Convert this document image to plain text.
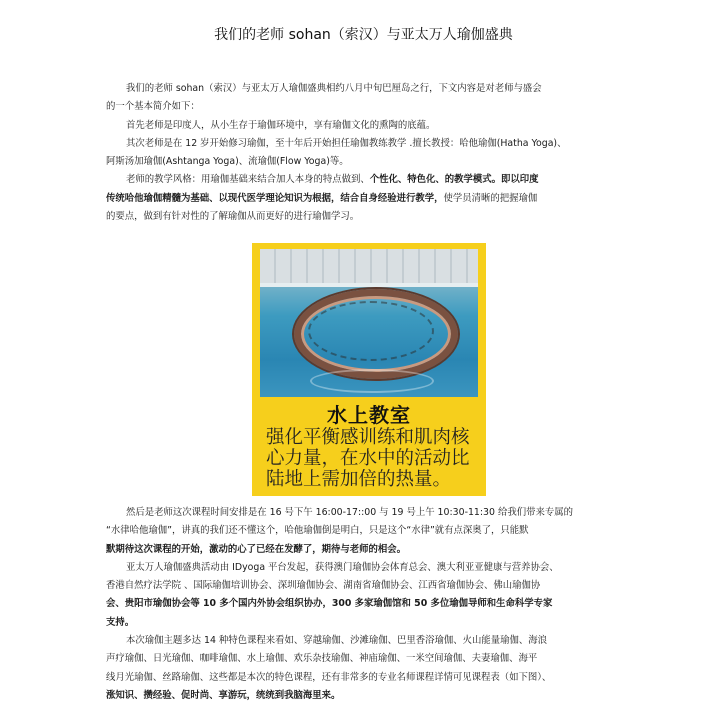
我们的老师 sohan（索汉）与亚太万人瑜伽盛典
我们的老师 sohan（索汉）与亚太万人瑜伽盛典相约八月中旬巴厘岛之行，下文内容是对老师与盛会
的一个基本简介如下：
首先老师是印度人，从小生存于瑜伽环境中，享有瑜伽文化的熏陶的底蕴。
其次老师是在 12 岁开始修习瑜伽，至十年后开始担任瑜伽教练教学 .擅长教授：哈他瑜伽(Hatha Yoga)、
阿斯汤加瑜伽(Ashtanga Yoga)、流瑜伽(Flow Yoga)等。
老师的教学风格：用瑜伽基础来结合加人本身的特点做到、个性化、特色化、的教学模式。即以印度
传统哈他瑜伽精髓为基础、以现代医学理论知识为根据，结合自身经验进行教学，使学员清晰的把握瑜伽
的要点，做到有针对性的了解瑜伽从而更好的进行瑜伽学习。
水上教室
强化平衡感训练和肌肉核
心力量，在水中的活动比
陆地上需加倍的热量。
然后是老师这次课程时间安排是在 16 号下午 16:00-17::00 与 19 号上午 10:30-11:30 给我们带来专属的
“水律哈他瑜伽”，讲真的我们还不懂这个，哈他瑜伽倒是明白，只是这个“水律”就有点深奥了，只能默
默期待这次课程的开始，激动的心了已经在发酵了，期待与老师的相会。
亚太万人瑜伽盛典活动由 IDyoga 平台发起，获得澳门瑜伽协会体育总会、澳大利亚亚健康与营养协会、
香港自然疗法学院 、国际瑜伽培训协会、深圳瑜伽协会、湖南省瑜伽协会、江西省瑜伽协会、佛山瑜伽协
会、贵阳市瑜伽协会等 10 多个国内外协会组织协办，300 多家瑜伽馆和 50 多位瑜伽导师和生命科学专家
支持。
本次瑜伽主题多达 14 种特色课程来看如、穿越瑜伽、沙滩瑜伽、巴里香浴瑜伽、火山能量瑜伽、海浪
声疗瑜伽、日光瑜伽、咖啡瑜伽、水上瑜伽、欢乐杂技瑜伽、神庙瑜伽、一米空间瑜伽、夫妻瑜伽、海平
线月光瑜伽、丝路瑜伽、这些都是本次的特色课程，还有非常多的专业名师课程详情可见课程表（如下图）、
涨知识、攒经验、促时尚、享游玩，统统到我脑海里来。
